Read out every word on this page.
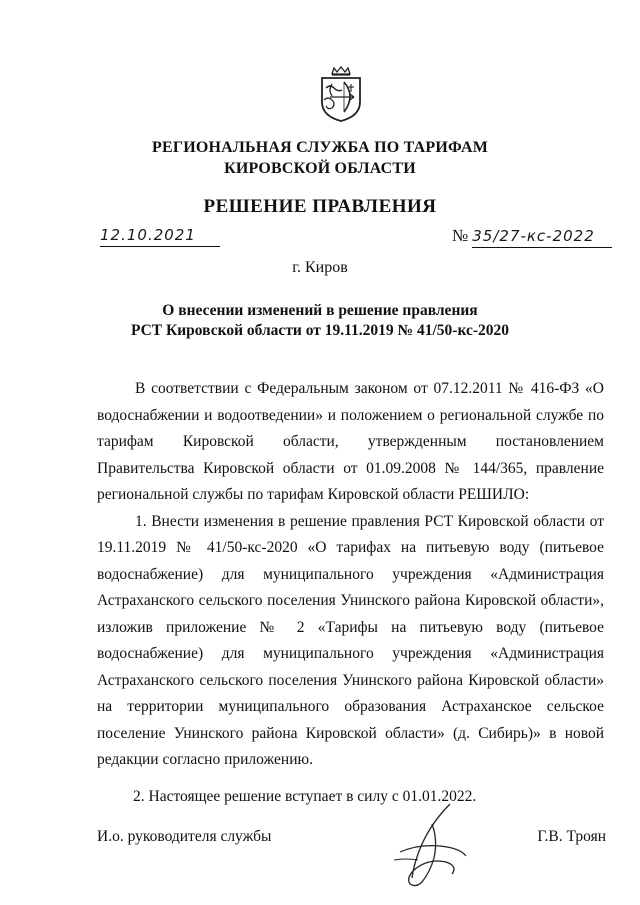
РЕГИОНАЛЬНАЯ СЛУЖБА ПО ТАРИФАМ
КИРОВСКОЙ ОБЛАСТИ
РЕШЕНИЕ ПРАВЛЕНИЯ
12.10.2021	№ 35/27-кс-2022
г. Киров
О внесении изменений в решение правления
РСТ Кировской области от 19.11.2019 № 41/50-кс-2020

В соответствии с Федеральным законом от 07.12.2011 № 416-ФЗ «О водоснабжении и водоотведении» и положением о региональной службе по тарифам Кировской области, утвержденным постановлением Правительства Кировской области от 01.09.2008 № 144/365, правление региональной службы по тарифам Кировской области РЕШИЛО:

1. Внести изменения в решение правления РСТ Кировской области от 19.11.2019 № 41/50-кс-2020 «О тарифах на питьевую воду (питьевое водоснабжение) для муниципального учреждения «Администрация Астраханского сельского поселения Унинского района Кировской области», изложив приложение № 2 «Тарифы на питьевую воду (питьевое водоснабжение) для муниципального учреждения «Администрация Астраханского сельского поселения Унинского района Кировской области» на территории муниципального образования Астраханское сельское поселение Унинского района Кировской области» (д. Сибирь)» в новой редакции согласно приложению.

2. Настоящее решение вступает в силу с 01.01.2022.

И.о. руководителя службы	Г.В. Троян
